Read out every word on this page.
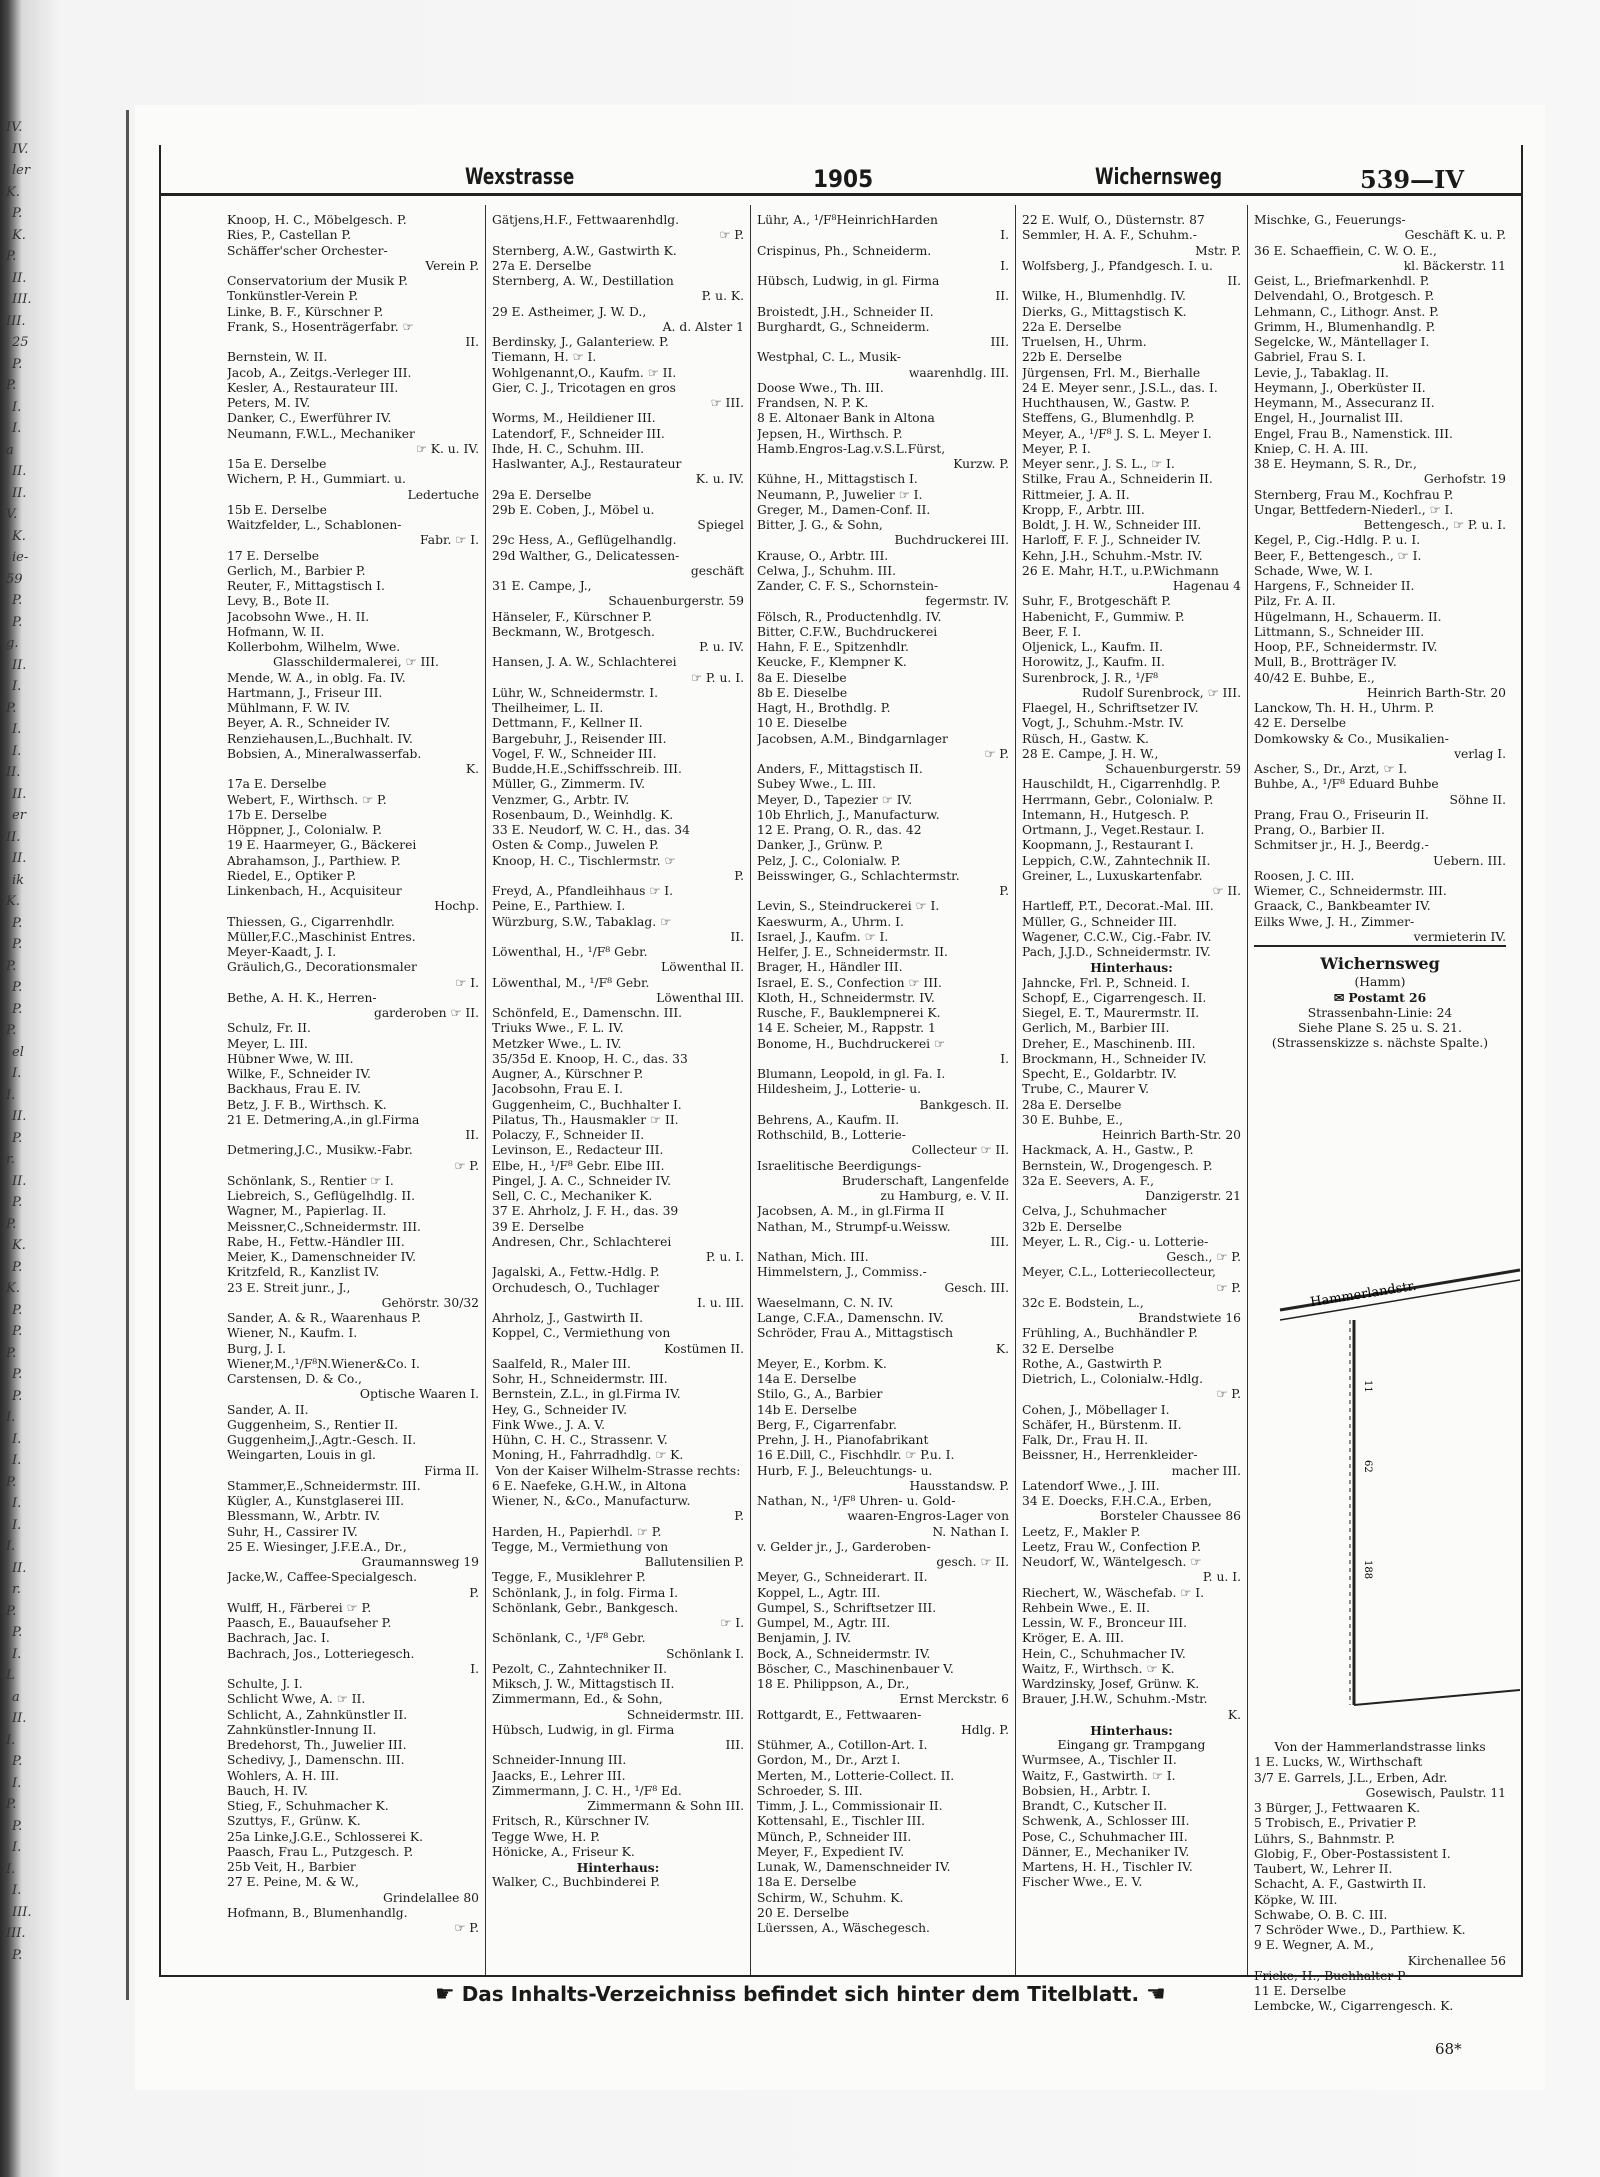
IV.
IV.
ler
K.
P.
K.
P.
II.
III.
III.
25
P.
P.
I.
I.
a
II.
II.
V.
K.
ie-
59
P.
P.
g.
II.
I.
P.
I.
I.
II.
II.
er
II.
II.
ik
K.
P.
P.
P.
P.
P.
P.
el
I.
I.
II.
P.
r.
II.
P.
P.
K.
P.
K.
P.
P.
P.
P.
P.
I.
I.
I.
P.
I.
I.
I.
II.
r.
P.
P.
I.
L
a
II.
I.
P.
I.
P.
P.
I.
I.
I.
III.
III.
P.
Wexstrasse	1905	Wichernsweg	539—IV
Knoop, H. C., Möbelgesch. P.
Ries, P., Castellan P.
Schäffer'scher Orchester-
Verein P.
Conservatorium der Musik P.
Tonkünstler-Verein P.
Linke, B. F., Kürschner P.
Frank, S., Hosenträgerfabr. ☞
II.
Bernstein, W. II.
Jacob, A., Zeitgs.-Verleger III.
Kesler, A., Restaurateur III.
Peters, M. IV.
Danker, C., Ewerführer IV.
Neumann, F.W.L., Mechaniker
☞ K. u. IV.
15a E. Derselbe
Wichern, P. H., Gummiart. u.
Ledertuche
15b E. Derselbe
Waitzfelder, L., Schablonen-
Fabr. ☞ I.
17 E. Derselbe
Gerlich, M., Barbier P.
Reuter, F., Mittagstisch I.
Levy, B., Bote II.
Jacobsohn Wwe., H. II.
Hofmann, W. II.
Kollerbohm, Wilhelm, Wwe.
Glasschildermalerei, ☞ III.
Mende, W. A., in oblg. Fa. IV.
Hartmann, J., Friseur III.
Mühlmann, F. W. IV.
Beyer, A. R., Schneider IV.
Renziehausen,L.,Buchhalt. IV.
Bobsien, A., Mineralwasserfab.
K.
17a E. Derselbe
Webert, F., Wirthsch. ☞ P.
17b E. Derselbe
Höppner, J., Colonialw. P.
19 E. Haarmeyer, G., Bäckerei
Abrahamson, J., Parthiew. P.
Riedel, E., Optiker P.
Linkenbach, H., Acquisiteur
Hochp.
Thiessen, G., Cigarrenhdlr.
Müller,F.C.,Maschinist Entres.
Meyer-Kaadt, J. I.
Gräulich,G., Decorationsmaler
☞ I.
Bethe, A. H. K., Herren-
garderoben ☞ II.
Schulz, Fr. II.
Meyer, L. III.
Hübner Wwe, W. III.
Wilke, F., Schneider IV.
Backhaus, Frau E. IV.
Betz, J. F. B., Wirthsch. K.
21 E. Detmering,A.,in gl.Firma
II.
Detmering,J.C., Musikw.-Fabr.
☞ P.
Schönlank, S., Rentier ☞ I.
Liebreich, S., Geflügelhdlg. II.
Wagner, M., Papierlag. II.
Meissner,C.,Schneidermstr. III.
Rabe, H., Fettw.-Händler III.
Meier, K., Damenschneider IV.
Kritzfeld, R., Kanzlist IV.
23 E. Streit junr., J.,
Gehörstr. 30/32
Sander, A. & R., Waarenhaus P.
Wiener, N., Kaufm. I.
Burg, J. I.
Wiener,M.,¹/F⁸N.Wiener&Co. I.
Carstensen, D. & Co.,
Optische Waaren I.
Sander, A. II.
Guggenheim, S., Rentier II.
Guggenheim,J.,Agtr.-Gesch. II.
Weingarten, Louis in gl.
Firma II.
Stammer,E.,Schneidermstr. III.
Kügler, A., Kunstglaserei III.
Blessmann, W., Arbtr. IV.
Suhr, H., Cassirer IV.
25 E. Wiesinger, J.F.E.A., Dr.,
Graumannsweg 19
Jacke,W., Caffee-Specialgesch.
P.
Wulff, H., Färberei ☞ P.
Paasch, E., Bauaufseher P.
Bachrach, Jac. I.
Bachrach, Jos., Lotteriegesch.
I.
Schulte, J. I.
Schlicht Wwe, A. ☞ II.
Schlicht, A., Zahnkünstler II.
Zahnkünstler-Innung II.
Bredehorst, Th., Juwelier III.
Schedivy, J., Damenschn. III.
Wohlers, A. H. III.
Bauch, H. IV.
Stieg, F., Schuhmacher K.
Szuttys, F., Grünw. K.
25a Linke,J.G.E., Schlosserei K.
Paasch, Frau L., Putzgesch. P.
25b Veit, H., Barbier
27 E. Peine, M. & W.,
Grindelallee 80
Hofmann, B., Blumenhandlg.
☞ P.
Gätjens,H.F., Fettwaarenhdlg.
☞ P.
Sternberg, A.W., Gastwirth K.
27a E. Derselbe
Sternberg, A. W., Destillation
P. u. K.
29 E. Astheimer, J. W. D.,
A. d. Alster 1
Berdinsky, J., Galanteriew. P.
Tiemann, H. ☞ I.
Wohlgenannt,O., Kaufm. ☞ II.
Gier, C. J., Tricotagen en gros
☞ III.
Worms, M., Heildiener III.
Latendorf, F., Schneider III.
Ihde, H. C., Schuhm. III.
Haslwanter, A.J., Restaurateur
K. u. IV.
29a E. Derselbe
29b E. Coben, J., Möbel u.
Spiegel
29c Hess, A., Geflügelhandlg.
29d Walther, G., Delicatessen-
geschäft
31 E. Campe, J.,
Schauenburgerstr. 59
Hänseler, F., Kürschner P.
Beckmann, W., Brotgesch.
P. u. IV.
Hansen, J. A. W., Schlachterei
☞ P. u. I.
Lühr, W., Schneidermstr. I.
Theilheimer, L. II.
Dettmann, F., Kellner II.
Bargebuhr, J., Reisender III.
Vogel, F. W., Schneider III.
Budde,H.E.,Schiffsschreib. III.
Müller, G., Zimmerm. IV.
Venzmer, G., Arbtr. IV.
Rosenbaum, D., Weinhdlg. K.
33 E. Neudorf, W. C. H., das. 34
Osten & Comp., Juwelen P.
Knoop, H. C., Tischlermstr. ☞
P.
Freyd, A., Pfandleihhaus ☞ I.
Peine, E., Parthiew. I.
Würzburg, S.W., Tabaklag. ☞
II.
Löwenthal, H., ¹/F⁸ Gebr.
Löwenthal II.
Löwenthal, M., ¹/F⁸ Gebr.
Löwenthal III.
Schönfeld, E., Damenschn. III.
Triuks Wwe., F. L. IV.
Metzker Wwe., L. IV.
35/35d E. Knoop, H. C., das. 33
Augner, A., Kürschner P.
Jacobsohn, Frau E. I.
Guggenheim, C., Buchhalter I.
Pilatus, Th., Hausmakler ☞ II.
Polaczy, F., Schneider II.
Levinson, E., Redacteur III.
Elbe, H., ¹/F⁸ Gebr. Elbe III.
Pingel, J. A. C., Schneider IV.
Sell, C. C., Mechaniker K.
37 E. Ahrholz, J. F. H., das. 39
39 E. Derselbe
Andresen, Chr., Schlachterei
P. u. I.
Jagalski, A., Fettw.-Hdlg. P.
Orchudesch, O., Tuchlager
I. u. III.
Ahrholz, J., Gastwirth II.
Koppel, C., Vermiethung von
Kostümen II.
Saalfeld, R., Maler III.
Sohr, H., Schneidermstr. III.
Bernstein, Z.L., in gl.Firma IV.
Hey, G., Schneider IV.
Fink Wwe., J. A. V.
Hühn, C. H. C., Strassenr. V.
Moning, H., Fahrradhdlg. ☞ K.
Von der Kaiser Wilhelm-Strasse rechts:
6 E. Naefeke, G.H.W., in Altona
Wiener, N., &Co., Manufacturw.
P.
Harden, H., Papierhdl. ☞ P.
Tegge, M., Vermiethung von
Ballutensilien P.
Tegge, F., Musiklehrer P.
Schönlank, J., in folg. Firma I.
Schönlank, Gebr., Bankgesch.
☞ I.
Schönlank, C., ¹/F⁸ Gebr.
Schönlank I.
Pezolt, C., Zahntechniker II.
Miksch, J. W., Mittagstisch II.
Zimmermann, Ed., & Sohn,
Schneidermstr. III.
Hübsch, Ludwig, in gl. Firma
III.
Schneider-Innung III.
Jaacks, E., Lehrer III.
Zimmermann, J. C. H., ¹/F⁸ Ed.
Zimmermann & Sohn III.
Fritsch, R., Kürschner IV.
Tegge Wwe, H. P.
Hönicke, A., Friseur K.
Hinterhaus:
Walker, C., Buchbinderei P.
Lühr, A., ¹/F⁸HeinrichHarden
I.
Crispinus, Ph., Schneiderm.
I.
Hübsch, Ludwig, in gl. Firma
II.
Broistedt, J.H., Schneider II.
Burghardt, G., Schneiderm.
III.
Westphal, C. L., Musik-
waarenhdlg. III.
Doose Wwe., Th. III.
Frandsen, N. P. K.
8 E. Altonaer Bank in Altona
Jepsen, H., Wirthsch. P.
Hamb.Engros-Lag.v.S.L.Fürst,
Kurzw. P.
Kühne, H., Mittagstisch I.
Neumann, P., Juwelier ☞ I.
Greger, M., Damen-Conf. II.
Bitter, J. G., & Sohn,
Buchdruckerei III.
Krause, O., Arbtr. III.
Celwa, J., Schuhm. III.
Zander, C. F. S., Schornstein-
fegermstr. IV.
Fölsch, R., Productenhdlg. IV.
Bitter, C.F.W., Buchdruckerei
Hahn, F. E., Spitzenhdlr.
Keucke, F., Klempner K.
8a E. Dieselbe
8b E. Dieselbe
Hagt, H., Brothdlg. P.
10 E. Dieselbe
Jacobsen, A.M., Bindgarnlager
☞ P.
Anders, F., Mittagstisch II.
Subey Wwe., L. III.
Meyer, D., Tapezier ☞ IV.
10b Ehrlich, J., Manufacturw.
12 E. Prang, O. R., das. 42
Danker, J., Grünw. P.
Pelz, J. C., Colonialw. P.
Beisswinger, G., Schlachtermstr.
P.
Levin, S., Steindruckerei ☞ I.
Kaeswurm, A., Uhrm. I.
Israel, J., Kaufm. ☞ I.
Helfer, J. E., Schneidermstr. II.
Brager, H., Händler III.
Israel, E. S., Confection ☞ III.
Kloth, H., Schneidermstr. IV.
Rusche, F., Bauklempnerei K.
14 E. Scheier, M., Rappstr. 1
Bonome, H., Buchdruckerei ☞
I.
Blumann, Leopold, in gl. Fa. I.
Hildesheim, J., Lotterie- u.
Bankgesch. II.
Behrens, A., Kaufm. II.
Rothschild, B., Lotterie-
Collecteur ☞ II.
Israelitische Beerdigungs-
Bruderschaft, Langenfelde
zu Hamburg, e. V. II.
Jacobsen, A. M., in gl.Firma II
Nathan, M., Strumpf-u.Weissw.
III.
Nathan, Mich. III.
Himmelstern, J., Commiss.-
Gesch. III.
Waeselmann, C. N. IV.
Lange, C.F.A., Damenschn. IV.
Schröder, Frau A., Mittagstisch
K.
Meyer, E., Korbm. K.
14a E. Derselbe
Stilo, G., A., Barbier
14b E. Derselbe
Berg, F., Cigarrenfabr.
Prehn, J. H., Pianofabrikant
16 E.Dill, C., Fischhdlr. ☞ P.u. I.
Hurb, F. J., Beleuchtungs- u.
Hausstandsw. P.
Nathan, N., ¹/F⁸ Uhren- u. Gold-
waaren-Engros-Lager von
N. Nathan I.
v. Gelder jr., J., Garderoben-
gesch. ☞ II.
Meyer, G., Schneiderart. II.
Koppel, L., Agtr. III.
Gumpel, S., Schriftsetzer III.
Gumpel, M., Agtr. III.
Benjamin, J. IV.
Bock, A., Schneidermstr. IV.
Böscher, C., Maschinenbauer V.
18 E. Philippson, A., Dr.,
Ernst Merckstr. 6
Rottgardt, E., Fettwaaren-
Hdlg. P.
Stühmer, A., Cotillon-Art. I.
Gordon, M., Dr., Arzt I.
Merten, M., Lotterie-Collect. II.
Schroeder, S. III.
Timm, J. L., Commissionair II.
Kottensahl, E., Tischler III.
Münch, P., Schneider III.
Meyer, F., Expedient IV.
Lunak, W., Damenschneider IV.
18a E. Derselbe
Schirm, W., Schuhm. K.
20 E. Derselbe
Lüerssen, A., Wäschegesch.
22 E. Wulf, O., Düsternstr. 87
Semmler, H. A. F., Schuhm.-
Mstr. P.
Wolfsberg, J., Pfandgesch. I. u.
II.
Wilke, H., Blumenhdlg. IV.
Dierks, G., Mittagstisch K.
22a E. Derselbe
Truelsen, H., Uhrm.
22b E. Derselbe
Jürgensen, Frl. M., Bierhalle
24 E. Meyer senr., J.S.L., das. I.
Huchthausen, W., Gastw. P.
Steffens, G., Blumenhdlg. P.
Meyer, A., ¹/F⁸ J. S. L. Meyer I.
Meyer, P. I.
Meyer senr., J. S. L., ☞ I.
Stilke, Frau A., Schneiderin II.
Rittmeier, J. A. II.
Kropp, F., Arbtr. III.
Boldt, J. H. W., Schneider III.
Harloff, F. F. J., Schneider IV.
Kehn, J.H., Schuhm.-Mstr. IV.
26 E. Mahr, H.T., u.P.Wichmann
Hagenau 4
Suhr, F., Brotgeschäft P.
Habenicht, F., Gummiw. P.
Beer, F. I.
Oljenick, L., Kaufm. II.
Horowitz, J., Kaufm. II.
Surenbrock, J. R., ¹/F⁸
Rudolf Surenbrock, ☞ III.
Flaegel, H., Schriftsetzer IV.
Vogt, J., Schuhm.-Mstr. IV.
Rüsch, H., Gastw. K.
28 E. Campe, J. H. W.,
Schauenburgerstr. 59
Hauschildt, H., Cigarrenhdlg. P.
Herrmann, Gebr., Colonialw. P.
Intemann, H., Hutgesch. P.
Ortmann, J., Veget.Restaur. I.
Koopmann, J., Restaurant I.
Leppich, C.W., Zahntechnik II.
Greiner, L., Luxuskartenfabr.
☞ II.
Hartleff, P.T., Decorat.-Mal. III.
Müller, G., Schneider III.
Wagener, C.C.W., Cig.-Fabr. IV.
Pach, J.J.D., Schneidermstr. IV.
Hinterhaus:
Jahncke, Frl. P., Schneid. I.
Schopf, E., Cigarrengesch. II.
Siegel, E. T., Maurermstr. II.
Gerlich, M., Barbier III.
Dreher, E., Maschinenb. III.
Brockmann, H., Schneider IV.
Specht, E., Goldarbtr. IV.
Trube, C., Maurer V.
28a E. Derselbe
30 E. Buhbe, E.,
Heinrich Barth-Str. 20
Hackmack, A. H., Gastw., P.
Bernstein, W., Drogengesch. P.
32a E. Seevers, A. F.,
Danzigerstr. 21
Celva, J., Schuhmacher
32b E. Derselbe
Meyer, L. R., Cig.- u. Lotterie-
Gesch., ☞ P.
Meyer, C.L., Lotteriecollecteur,
☞ P.
32c E. Bodstein, L.,
Brandstwiete 16
Frühling, A., Buchhändler P.
32 E. Derselbe
Rothe, A., Gastwirth P.
Dietrich, L., Colonialw.-Hdlg.
☞ P.
Cohen, J., Möbellager I.
Schäfer, H., Bürstenm. II.
Falk, Dr., Frau H. II.
Beissner, H., Herrenkleider-
macher III.
Latendorf Wwe., J. III.
34 E. Doecks, F.H.C.A., Erben,
Borsteler Chaussee 86
Leetz, F., Makler P.
Leetz, Frau W., Confection P.
Neudorf, W., Wäntelgesch. ☞
P. u. I.
Riechert, W., Wäschefab. ☞ I.
Rehbein Wwe., E. II.
Lessin, W. F., Bronceur III.
Kröger, E. A. III.
Hein, C., Schuhmacher IV.
Waitz, F., Wirthsch. ☞ K.
Wardzinsky, Josef, Grünw. K.
Brauer, J.H.W., Schuhm.-Mstr.
K.
Hinterhaus:
Eingang gr. Trampgang
Wurmsee, A., Tischler II.
Waitz, F., Gastwirth. ☞ I.
Bobsien, H., Arbtr. I.
Brandt, C., Kutscher II.
Schwenk, A., Schlosser III.
Pose, C., Schuhmacher III.
Dänner, E., Mechaniker IV.
Martens, H. H., Tischler IV.
Fischer Wwe., E. V.
Mischke, G., Feuerungs-
Geschäft K. u. P.
36 E. Schaeffiein, C. W. O. E.,
kl. Bäckerstr. 11
Geist, L., Briefmarkenhdl. P.
Delvendahl, O., Brotgesch. P.
Lehmann, C., Lithogr. Anst. P.
Grimm, H., Blumenhandlg. P.
Segelcke, W., Mäntellager I.
Gabriel, Frau S. I.
Levie, J., Tabaklag. II.
Heymann, J., Oberküster II.
Heymann, M., Assecuranz II.
Engel, H., Journalist III.
Engel, Frau B., Namenstick. III.
Kniep, C. H. A. III.
38 E. Heymann, S. R., Dr.,
Gerhofstr. 19
Sternberg, Frau M., Kochfrau P.
Ungar, Bettfedern-Niederl., ☞ I.
Bettengesch., ☞ P. u. I.
Kegel, P., Cig.-Hdlg. P. u. I.
Beer, F., Bettengesch., ☞ I.
Schade, Wwe, W. I.
Hargens, F., Schneider II.
Pilz, Fr. A. II.
Hügelmann, H., Schauerm. II.
Littmann, S., Schneider III.
Hoop, P.F., Schneidermstr. IV.
Mull, B., Brotträger IV.
40/42 E. Buhbe, E.,
Heinrich Barth-Str. 20
Lanckow, Th. H. H., Uhrm. P.
42 E. Derselbe
Domkowsky & Co., Musikalien-
verlag I.
Ascher, S., Dr., Arzt, ☞ I.
Buhbe, A., ¹/F⁸ Eduard Buhbe
Söhne II.
Prang, Frau O., Friseurin II.
Prang, O., Barbier II.
Schmitser jr., H. J., Beerdg.-
Uebern. III.
Roosen, J. C. III.
Wiemer, C., Schneidermstr. III.
Graack, C., Bankbeamter IV.
Eilks Wwe, J. H., Zimmer-
vermieterin IV.
Wichernsweg
(Hamm)
✉ Postamt 26
Strassenbahn-Linie: 24
Siehe Plane S. 25 u. S. 21.
(Strassenskizze s. nächste Spalte.)
Hammerlandstr.
11
62
188
Von der Hammerlandstrasse links
1 E. Lucks, W., Wirthschaft
3/7 E. Garrels, J.L., Erben, Adr.
Gosewisch, Paulstr. 11
3 Bürger, J., Fettwaaren K.
5 Trobisch, E., Privatier P.
Lührs, S., Bahnmstr. P.
Globig, F., Ober-Postassistent I.
Taubert, W., Lehrer II.
Schacht, A. F., Gastwirth II.
Köpke, W. III.
Schwabe, O. B. C. III.
7 Schröder Wwe., D., Parthiew. K.
9 E. Wegner, A. M.,
Kirchenallee 56
Fricke, H., Buchhalter P
11 E. Derselbe
Lembcke, W., Cigarrengesch. K.
☛ Das Inhalts-Verzeichniss befindet sich hinter dem Titelblatt. ☚
68*
